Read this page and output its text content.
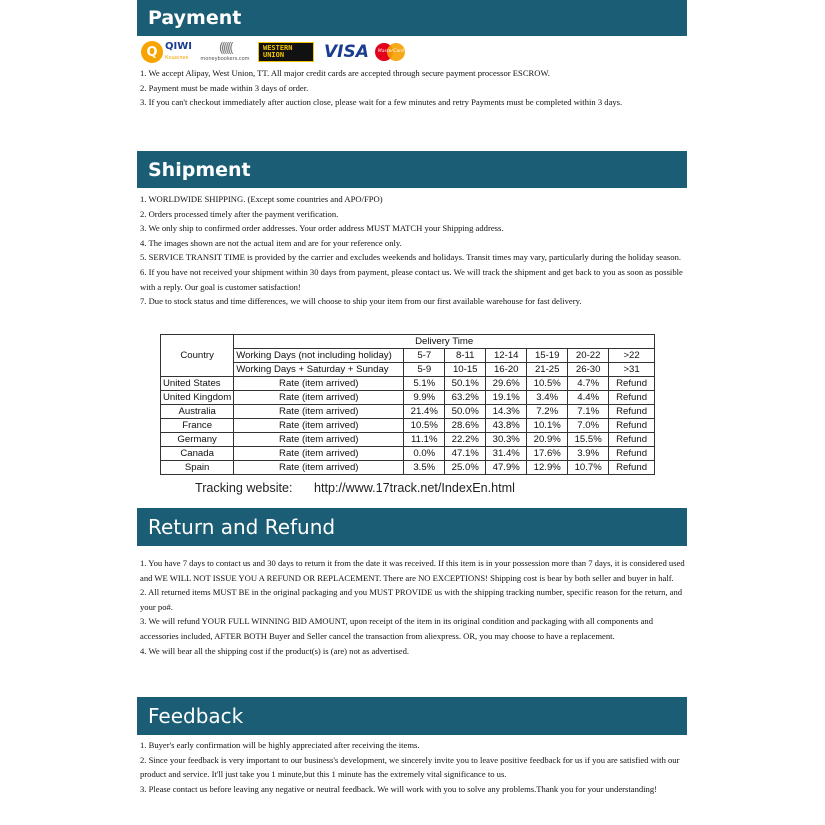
Payment
Q QIWI
Кошелек
((((((
moneybookers.com
WESTERN
UNION	VISA	MasterCard

1. We accept Alipay, West Union, TT. All major credit cards are accepted through secure payment processor ESCROW.

2. Payment must be made within 3 days of order.

3. If you can't checkout immediately after auction close, please wait for a few minutes and retry Payments must be completed within 3 days.

Shipment

1. WORLDWIDE SHIPPING. (Except some countries and APO/FPO)

2. Orders processed timely after the payment verification.

3. We only ship to confirmed order addresses. Your order address MUST MATCH your Shipping address.

4. The images shown are not the actual item and are for your reference only.

5. SERVICE TRANSIT TIME is provided by the carrier and excludes weekends and holidays. Transit times may vary, particularly during the holiday season.

6. If you have not received your shipment within 30 days from payment, please contact us. We will track the shipment and get back to you as soon as possible with a reply. Our goal is customer satisfaction!

7. Due to stock status and time differences, we will choose to ship your item from our first available warehouse for fast delivery.

Country	Delivery Time						
	Working Days (not including holiday)	5-7	8-11	12-14	15-19	20-22	>22
	Working Days + Saturday + Sunday	5-9	10-15	16-20	21-25	26-30	>31
United States	Rate (item arrived)	5.1%	50.1%	29.6%	10.5%	4.7%	Refund
United Kingdom	Rate (item arrived)	9.9%	63.2%	19.1%	3.4%	4.4%	Refund
Australia	Rate (item arrived)	21.4%	50.0%	14.3%	7.2%	7.1%	Refund
France	Rate (item arrived)	10.5%	28.6%	43.8%	10.1%	7.0%	Refund
Germany	Rate (item arrived)	11.1%	22.2%	30.3%	20.9%	15.5%	Refund
Canada	Rate (item arrived)	0.0%	47.1%	31.4%	17.6%	3.9%	Refund
Spain	Rate (item arrived)	3.5%	25.0%	47.9%	12.9%	10.7%	Refund
Tracking website: http://www.17track.net/IndexEn.html
Return and Refund

1. You have 7 days to contact us and 30 days to return it from the date it was received. If this item is in your possession more than 7 days, it is considered used and WE WILL NOT ISSUE YOU A REFUND OR REPLACEMENT. There are NO EXCEPTIONS! Shipping cost is bear by both seller and buyer in half.

2. All returned items MUST BE in the original packaging and you MUST PROVIDE us with the shipping tracking number, specific reason for the return, and your po#.

3. We will refund YOUR FULL WINNING BID AMOUNT, upon receipt of the item in its original condition and packaging with all components and accessories included, AFTER BOTH Buyer and Seller cancel the transaction from aliexpress. OR, you may choose to have a replacement.

4. We will bear all the shipping cost if the product(s) is (are) not as advertised.

Feedback

1. Buyer's early confirmation will be highly appreciated after receiving the items.

2. Since your feedback is very important to our business's development, we sincerely invite you to leave positive feedback for us if you are satisfied with our product and service. It'll just take you 1 minute,but this 1 minute has the extremely vital significance to us.

3. Please contact us before leaving any negative or neutral feedback. We will work with you to solve any problems.Thank you for your understanding!
